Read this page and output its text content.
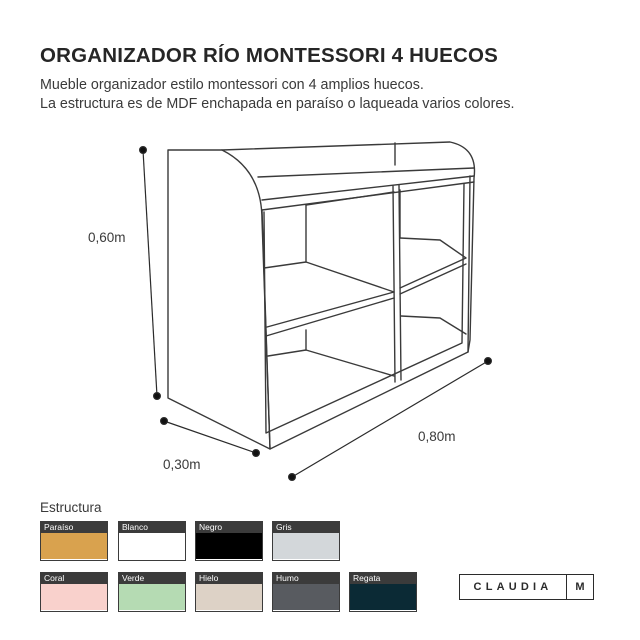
ORGANIZADOR RÍO MONTESSORI 4 HUECOS
Mueble organizador estilo montessori con 4 amplios huecos.
La estructura es de MDF enchapada en paraíso o laqueada varios colores.
0,60m
0,30m
0,80m
Estructura
Paraíso	Blanco	Negro	Gris
Coral	Verde	Hielo	Humo	Regata
CLAUDIA	M
